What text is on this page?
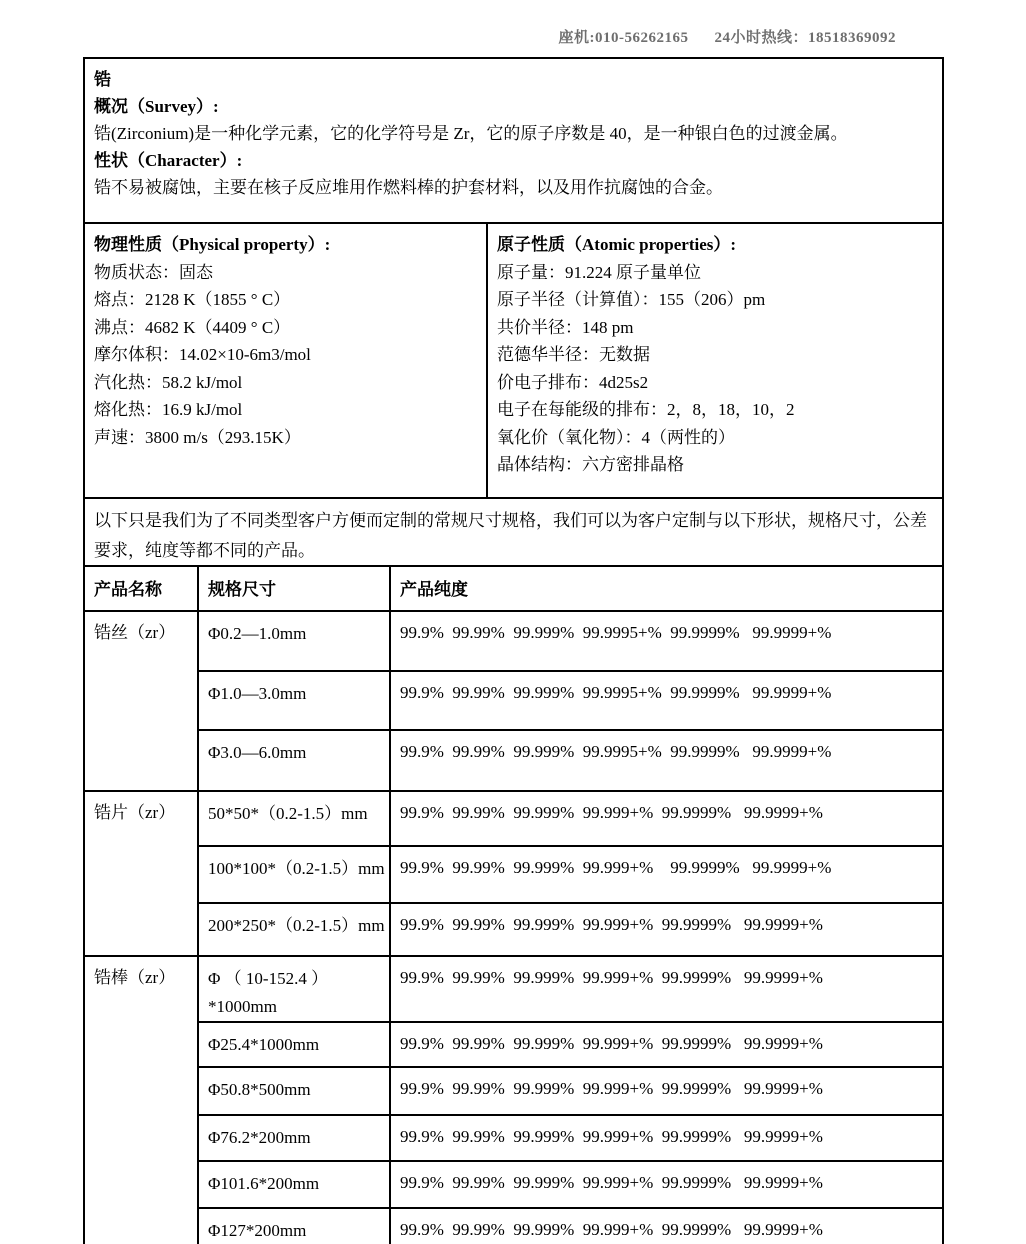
座机:010-56262165 24小时热线：18518369092
锆
概况（Survey）:
锆(Zirconium)是一种化学元素，它的化学符号是 Zr，它的原子序数是 40，是一种银白色的过渡金属。
性状（Character）:
锆不易被腐蚀，主要在核子反应堆用作燃料棒的护套材料，以及用作抗腐蚀的合金。
物理性质（Physical property）:
物质状态：固态
熔点：2128 K（1855 ° C）
沸点：4682 K（4409 ° C）
摩尔体积：14.02×10-6m3/mol
汽化热：58.2 kJ/mol
熔化热：16.9 kJ/mol
声速：3800 m/s（293.15K）
原子性质（Atomic properties）:
原子量：91.224 原子量单位
原子半径（计算值）：155（206）pm
共价半径：148 pm
范德华半径：无数据
价电子排布：4d25s2
电子在每能级的排布：2，8，18，10，2
氧化价（氧化物）：4（两性的）
晶体结构：六方密排晶格
以下只是我们为了不同类型客户方便而定制的常规尺寸规格，我们可以为客户定制与以下形状，规格尺寸，公差要求，纯度等都不同的产品。
产品名称	规格尺寸	产品纯度
锆丝（zr）	Φ0.2—1.0mm	99.9%  99.99%  99.999%  99.9995+%  99.9999%   99.9999+%
	Φ1.0—3.0mm	99.9%  99.99%  99.999%  99.9995+%  99.9999%   99.9999+%
	Φ3.0—6.0mm	99.9%  99.99%  99.999%  99.9995+%  99.9999%   99.9999+%
锆片（zr）	50*50*（0.2-1.5）mm	99.9%  99.99%  99.999%  99.999+%  99.9999%   99.9999+%
	100*100*（0.2-1.5）mm	99.9%  99.99%  99.999%  99.999+%    99.9999%   99.9999+%
	200*250*（0.2-1.5）mm	99.9%  99.99%  99.999%  99.999+%  99.9999%   99.9999+%
锆棒（zr）	Φ （ 10-152.4 ）*1000mm	99.9%  99.99%  99.999%  99.999+%  99.9999%   99.9999+%
	Φ25.4*1000mm	99.9%  99.99%  99.999%  99.999+%  99.9999%   99.9999+%
	Φ50.8*500mm	99.9%  99.99%  99.999%  99.999+%  99.9999%   99.9999+%
	Φ76.2*200mm	99.9%  99.99%  99.999%  99.999+%  99.9999%   99.9999+%
	Φ101.6*200mm	99.9%  99.99%  99.999%  99.999+%  99.9999%   99.9999+%
	Φ127*200mm	99.9%  99.99%  99.999%  99.999+%  99.9999%   99.9999+%
